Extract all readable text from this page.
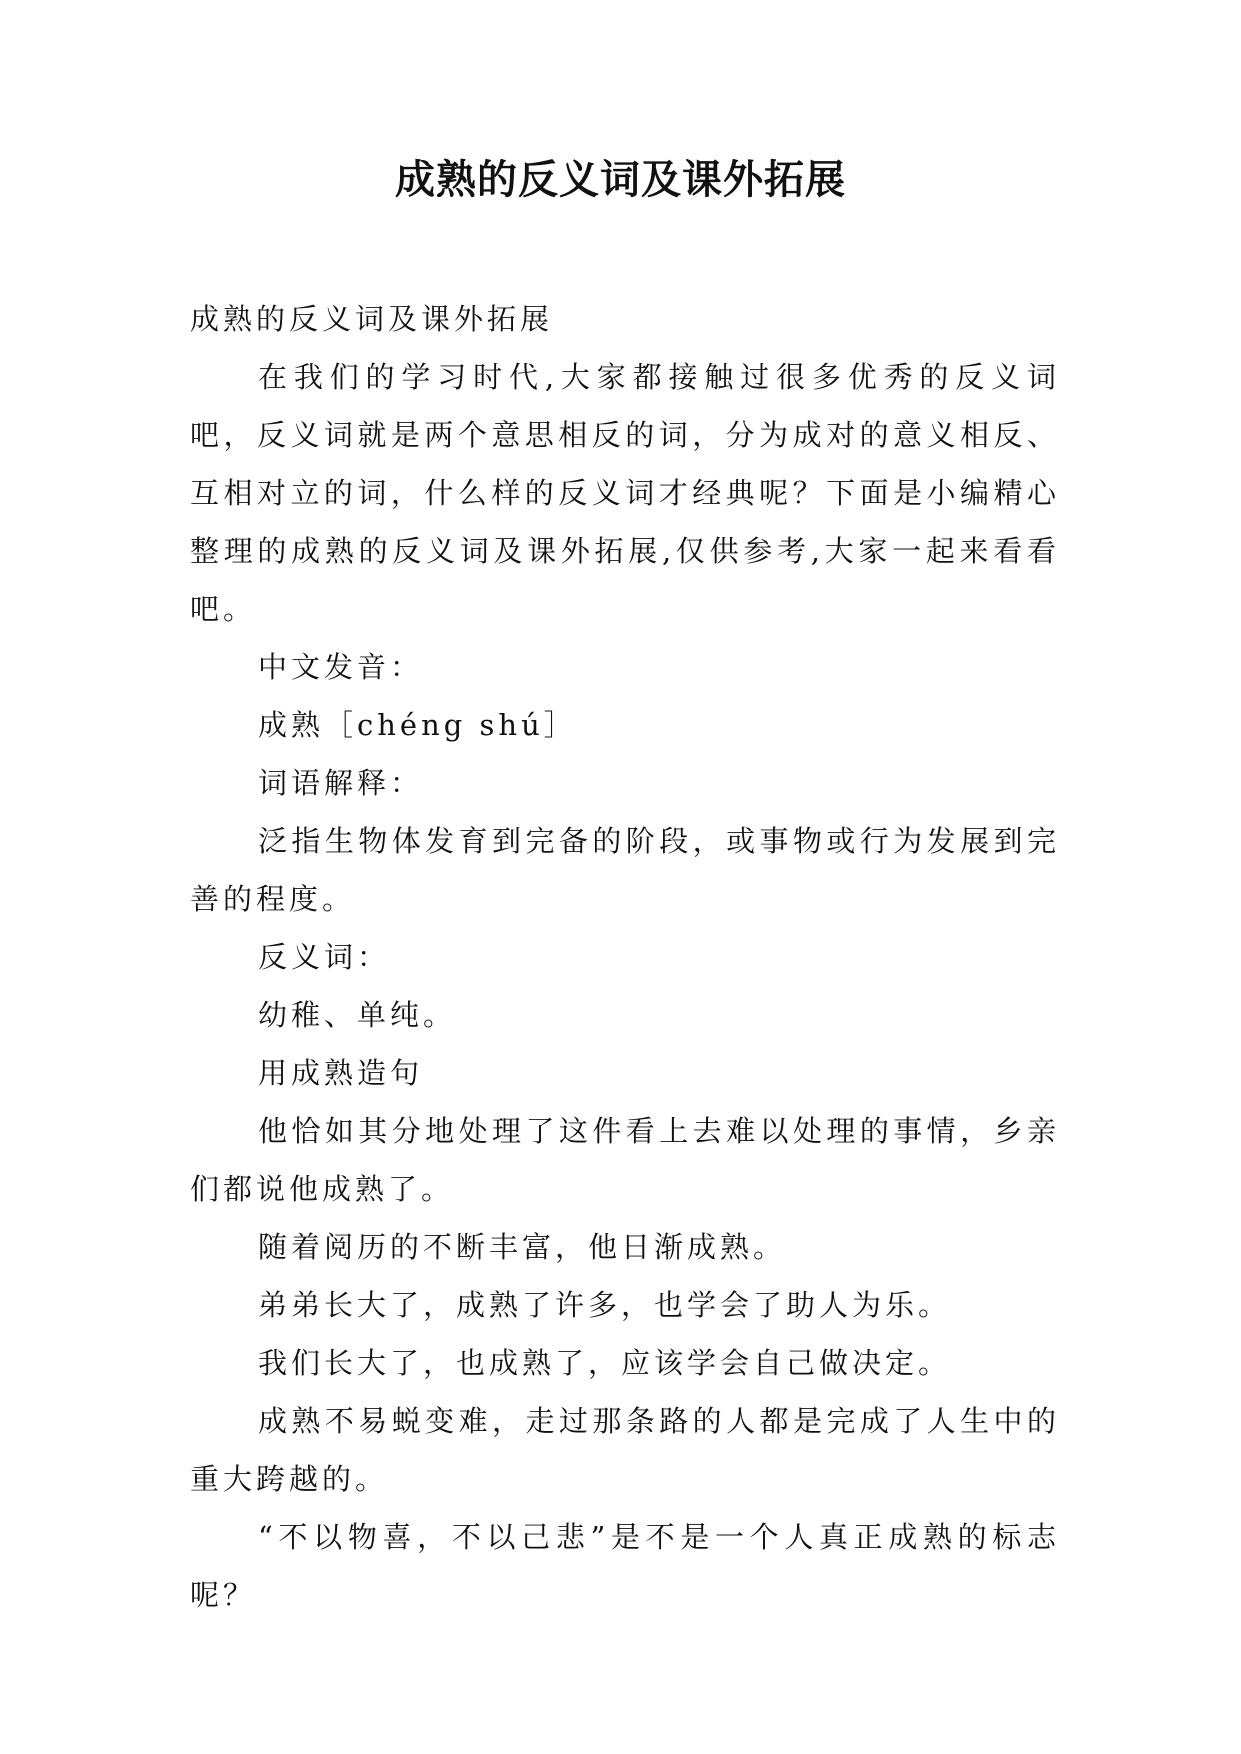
成熟的反义词及课外拓展

成熟的反义词及课外拓展

在我们的学习时代,大家都接触过很多优秀的反义词吧，反义词就是两个意思相反的词，分为成对的意义相反、互相对立的词，什么样的反义词才经典呢？下面是小编精心整理的成熟的反义词及课外拓展,仅供参考,大家一起来看看吧。

中文发音：

成熟［chéng shú］

词语解释：

泛指生物体发育到完备的阶段，或事物或行为发展到完善的程度。

反义词：

幼稚、单纯。

用成熟造句

他恰如其分地处理了这件看上去难以处理的事情，乡亲们都说他成熟了。

随着阅历的不断丰富，他日渐成熟。

弟弟长大了，成熟了许多，也学会了助人为乐。

我们长大了，也成熟了，应该学会自己做决定。

成熟不易蜕变难，走过那条路的人都是完成了人生中的重大跨越的。

“不以物喜，不以己悲”是不是一个人真正成熟的标志呢？
